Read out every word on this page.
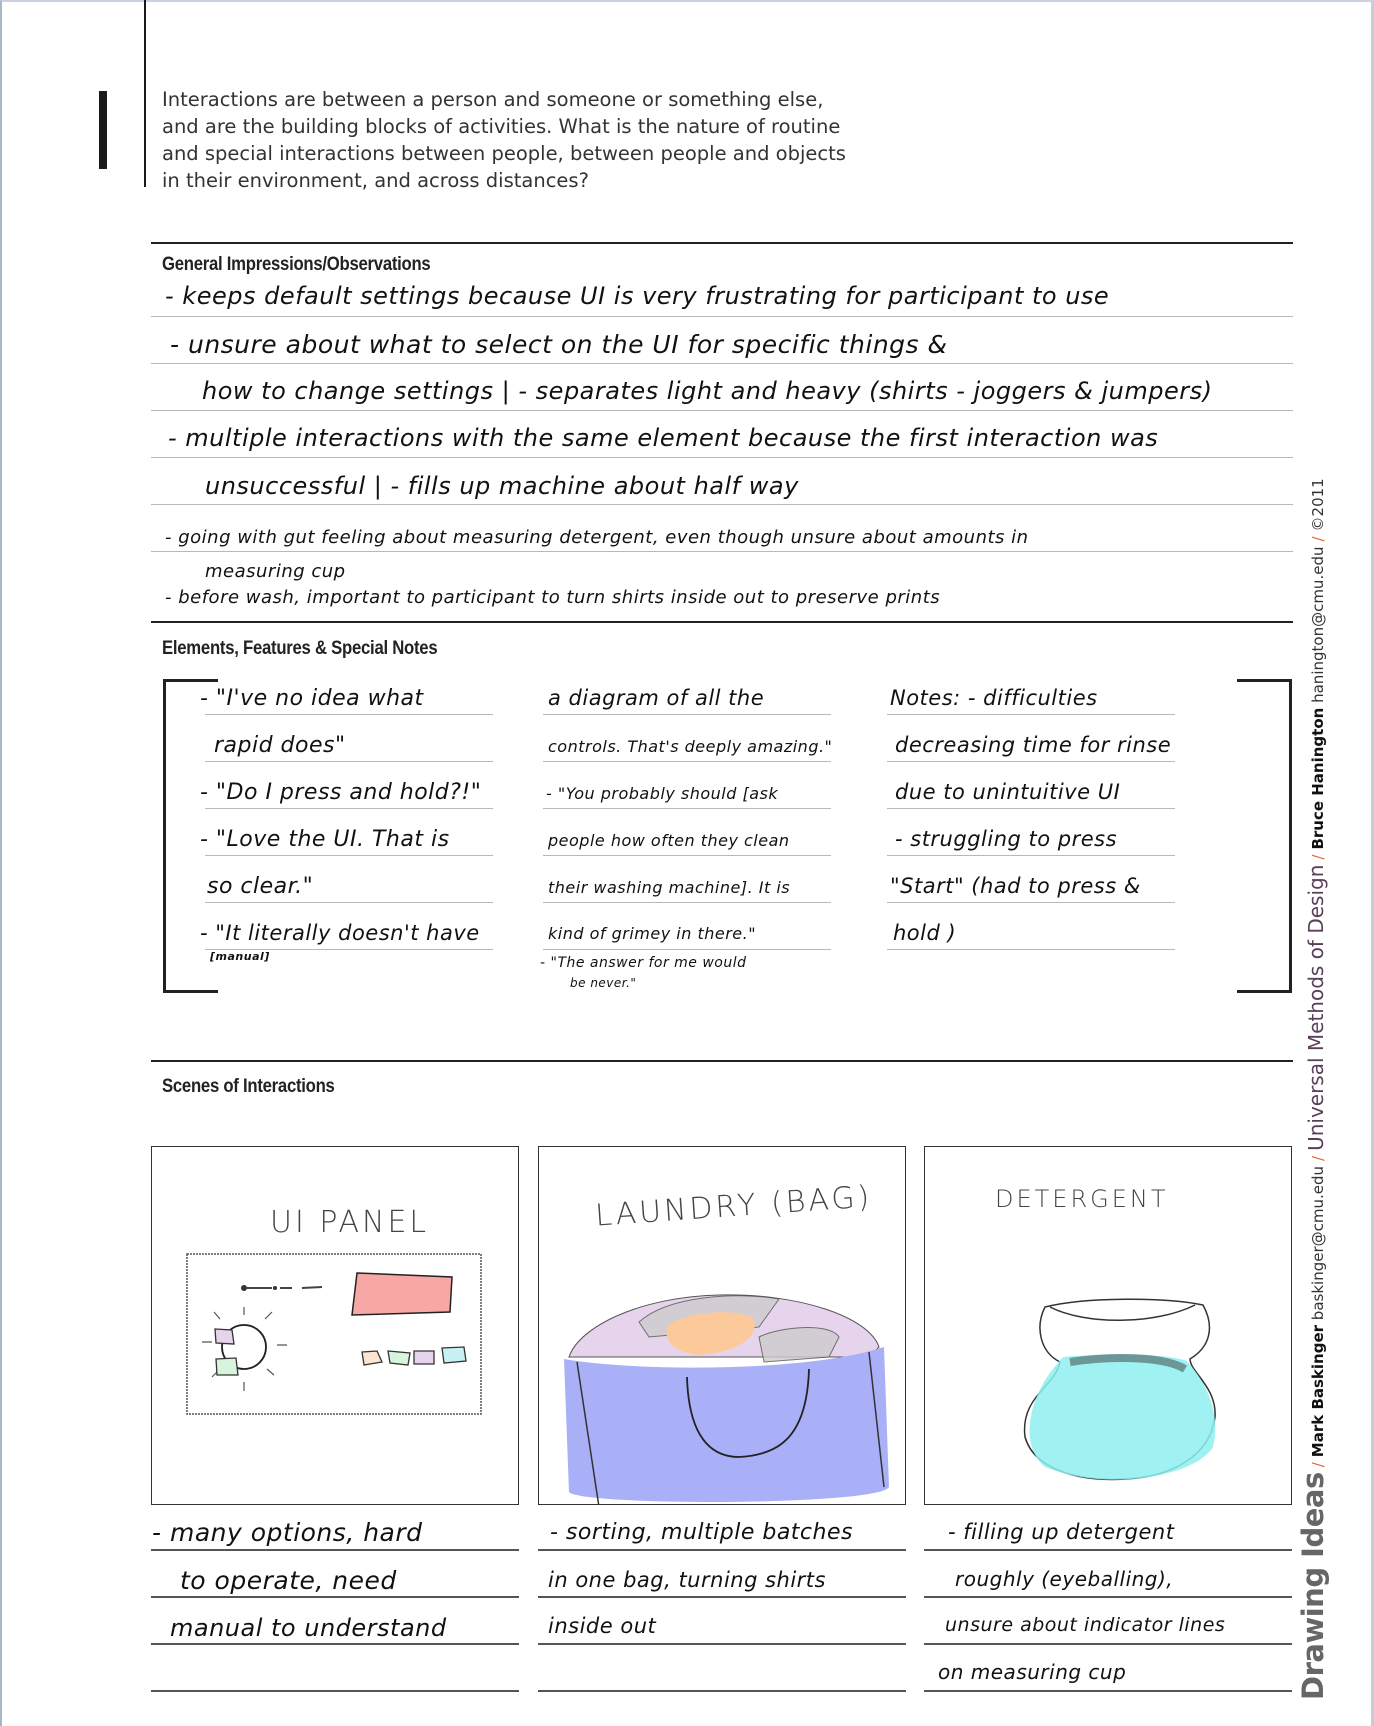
Interactions are between a person and someone or something else, and are the building blocks of activities. What is the nature of routine and special interactions between people, between people and objects in their environment, and across distances?
General Impressions/Observations
- keeps default settings because UI is very frustrating for participant to use
- unsure about what to select on the UI for specific things &
how to change settings | - separates light and heavy (shirts - joggers & jumpers)
- multiple interactions with the same element because the first interaction was
unsuccessful | - fills up machine about half way
- going with gut feeling about measuring detergent, even though unsure about amounts in
measuring cup
- before wash, important to participant to turn shirts inside out to preserve prints
Elements, Features & Special Notes
- "I've no idea what
rapid does"
- "Do I press and hold?!"
- "Love the UI. That is
so clear."
- "It literally doesn't have
[manual]
a diagram of all the
controls. That's deeply amazing."
- "You probably should [ask
people how often they clean
their washing machine]. It is
kind of grimey in there."
- "The answer for me would
be never."
Notes: - difficulties
decreasing time for rinse
due to unintuitive UI
- struggling to press
"Start" (had to press &
hold )
Scenes of Interactions
UI PANEL	LAUNDRY (BAG)	DETERGENT
- many options, hard
to operate, need
manual to understand
- sorting, multiple batches
in one bag, turning shirts
inside out
- filling up detergent
roughly (eyeballing),
unsure about indicator lines
on measuring cup	Drawing Ideas/Mark Baskinger baskinger@cmu.edu/Universal Methods of Design/Bruce Hanington hanington@cmu.edu/©2011
